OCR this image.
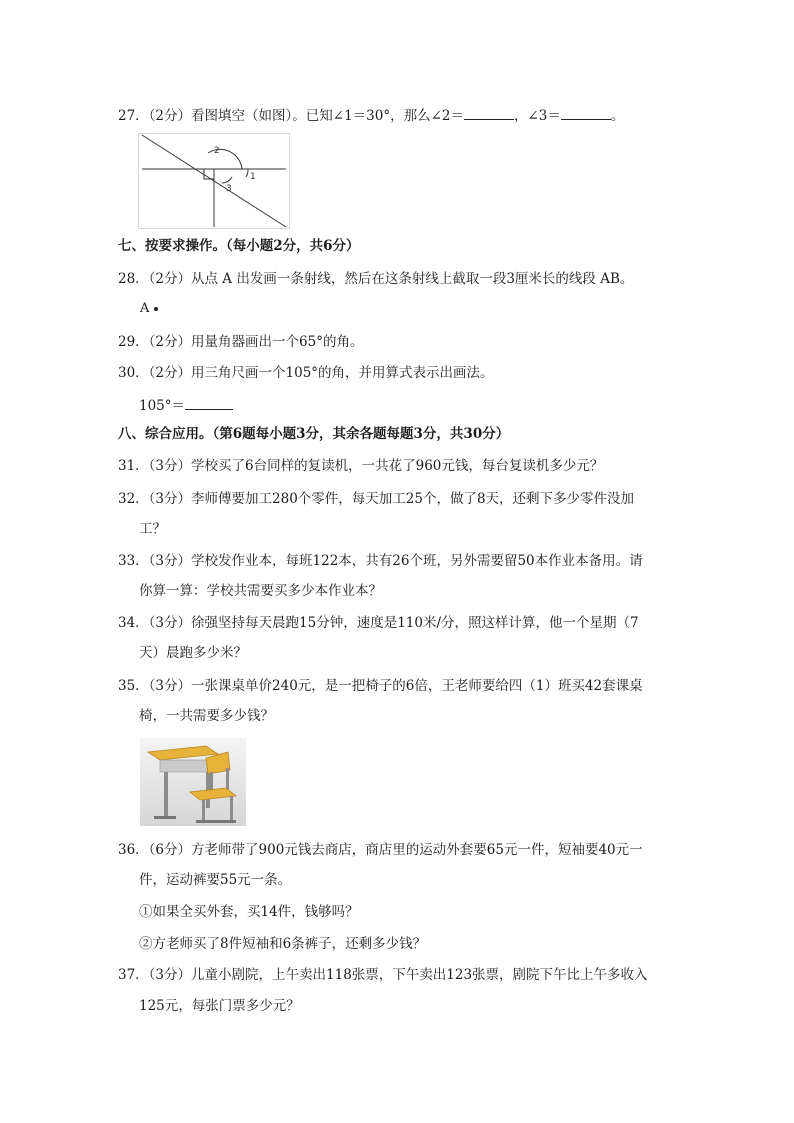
27．（2分）看图填空（如图）。已知∠1＝30°，那么∠2＝	，∠3＝	。
2
1
3
七、按要求操作。（每小题2分，共6分）
28．（2分）从点 A 出发画一条射线，然后在这条射线上截取一段3厘米长的线段 AB。
A
29．（2分）用量角器画出一个65°的角。
30．（2分）用三角尺画一个105°的角，并用算式表示出画法。
105°＝
八、综合应用。（第6题每小题3分，其余各题每题3分，共30分）
31．（3分）学校买了6台同样的复读机，一共花了960元钱，每台复读机多少元？
32．（3分）李师傅要加工280个零件，每天加工25个，做了8天，还剩下多少零件没加
工？
33．（3分）学校发作业本，每班122本，共有26个班，另外需要留50本作业本备用。请
你算一算：学校共需要买多少本作业本？
34．（3分）徐强坚持每天晨跑15分钟，速度是110米/分，照这样计算，他一个星期（7
天）晨跑多少米？
35．（3分）一张课桌单价240元，是一把椅子的6倍，王老师要给四（1）班买42套课桌
椅，一共需要多少钱？
36．（6分）方老师带了900元钱去商店，商店里的运动外套要65元一件，短袖要40元一
件，运动裤要55元一条。
①如果全买外套，买14件，钱够吗？
②方老师买了8件短袖和6条裤子，还剩多少钱？
37．（3分）儿童小剧院，上午卖出118张票，下午卖出123张票，剧院下午比上午多收入
125元，每张门票多少元？
